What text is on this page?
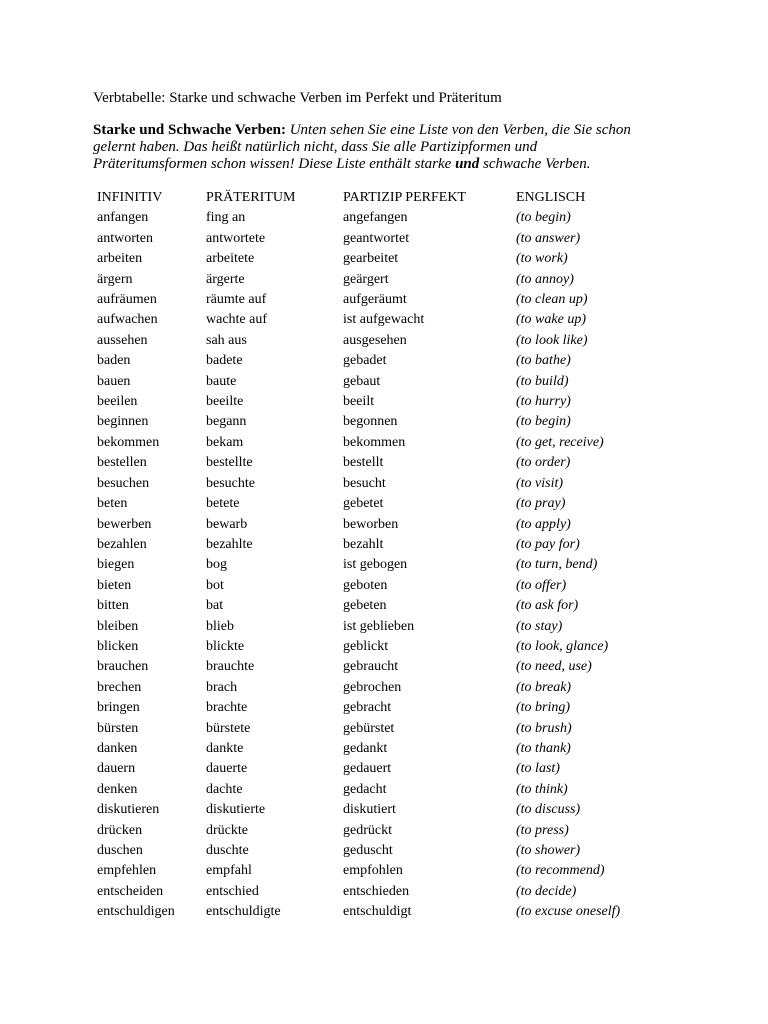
Verbtabelle: Starke und schwache Verben im Perfekt und Präteritum

Starke und Schwache Verben: Unten sehen Sie eine Liste von den Verben, die Sie schon gelernt haben. Das heißt natürlich nicht, dass Sie alle Partizipformen und Präteritumsformen schon wissen! Diese Liste enthält starke und schwache Verben.

INFINITIV	PRÄTERITUM	PARTIZIP PERFEKT	ENGLISCH
anfangen	fing an	angefangen	(to begin)
antworten	antwortete	geantwortet	(to answer)
arbeiten	arbeitete	gearbeitet	(to work)
ärgern	ärgerte	geärgert	(to annoy)
aufräumen	räumte auf	aufgeräumt	(to clean up)
aufwachen	wachte auf	ist aufgewacht	(to wake up)
aussehen	sah aus	ausgesehen	(to look like)
baden	badete	gebadet	(to bathe)
bauen	baute	gebaut	(to build)
beeilen	beeilte	beeilt	(to hurry)
beginnen	begann	begonnen	(to begin)
bekommen	bekam	bekommen	(to get, receive)
bestellen	bestellte	bestellt	(to order)
besuchen	besuchte	besucht	(to visit)
beten	betete	gebetet	(to pray)
bewerben	bewarb	beworben	(to apply)
bezahlen	bezahlte	bezahlt	(to pay for)
biegen	bog	ist gebogen	(to turn, bend)
bieten	bot	geboten	(to offer)
bitten	bat	gebeten	(to ask for)
bleiben	blieb	ist geblieben	(to stay)
blicken	blickte	geblickt	(to look, glance)
brauchen	brauchte	gebraucht	(to need, use)
brechen	brach	gebrochen	(to break)
bringen	brachte	gebracht	(to bring)
bürsten	bürstete	gebürstet	(to brush)
danken	dankte	gedankt	(to thank)
dauern	dauerte	gedauert	(to last)
denken	dachte	gedacht	(to think)
diskutieren	diskutierte	diskutiert	(to discuss)
drücken	drückte	gedrückt	(to press)
duschen	duschte	geduscht	(to shower)
empfehlen	empfahl	empfohlen	(to recommend)
entscheiden	entschied	entschieden	(to decide)
entschuldigen	entschuldigte	entschuldigt	(to excuse oneself)
